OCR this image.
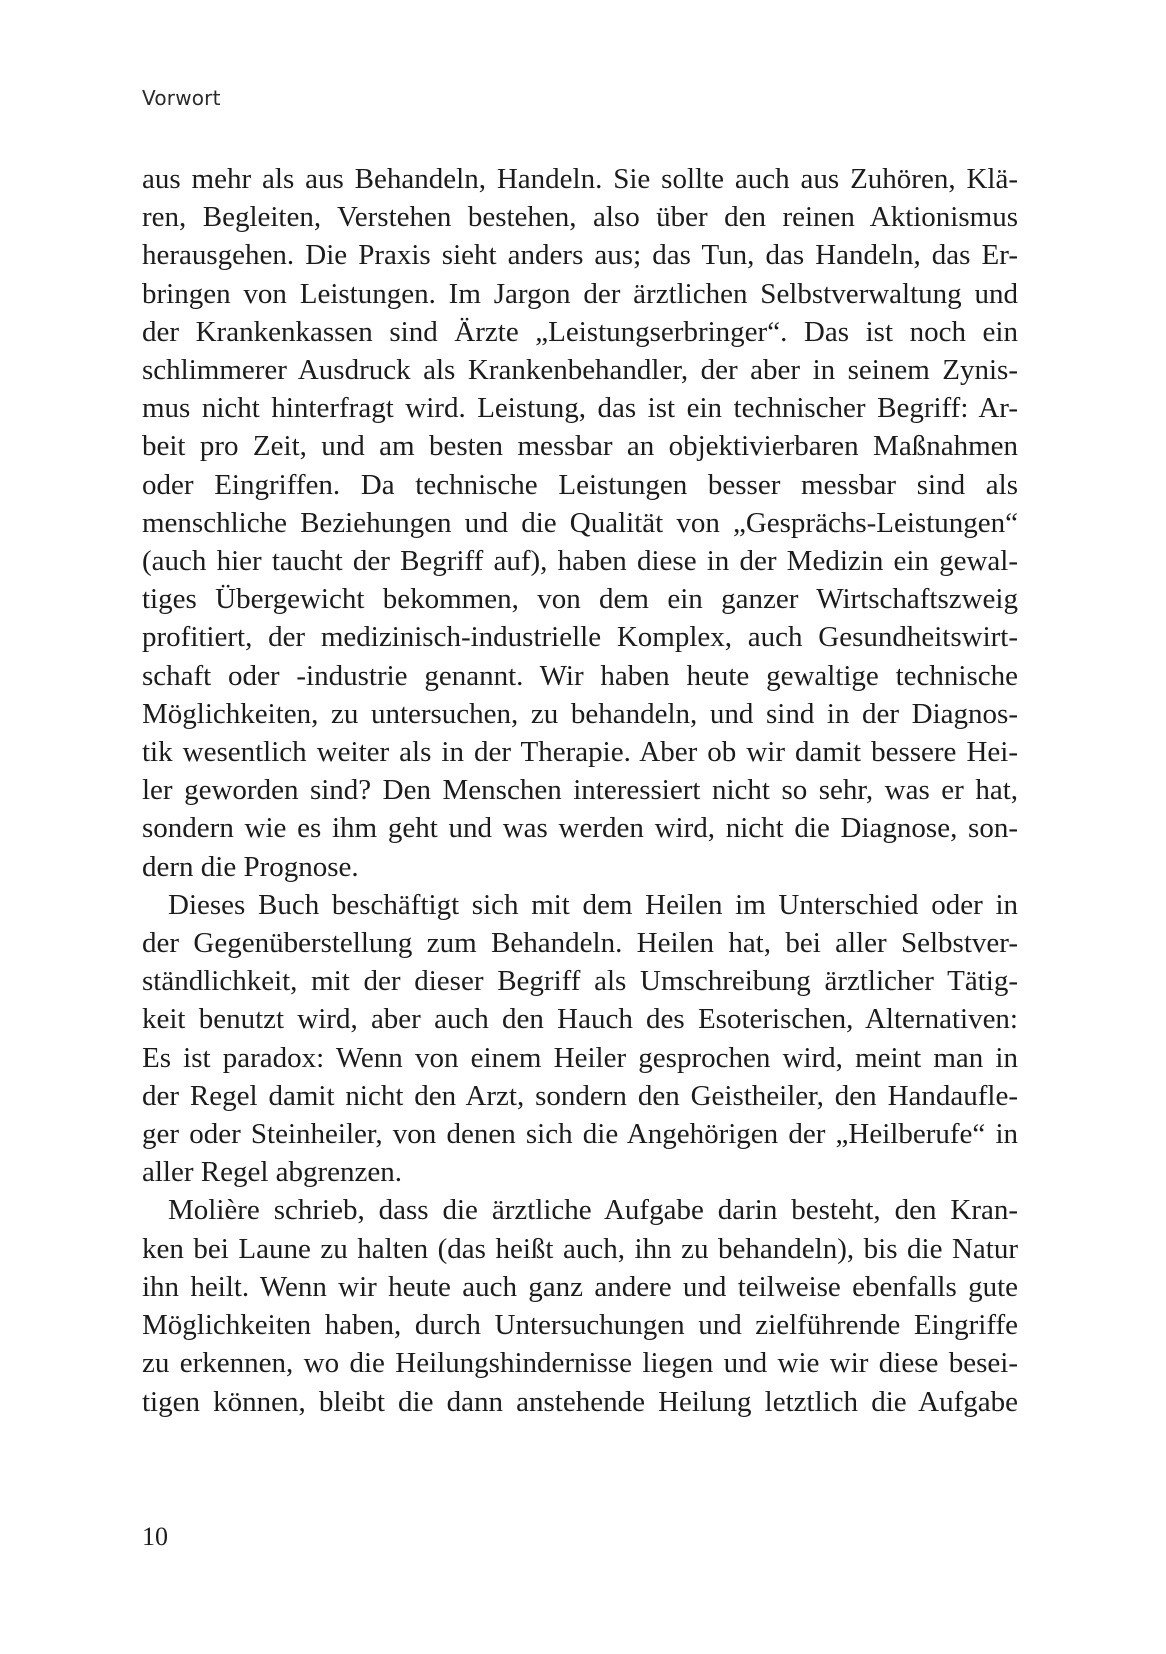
Vorwort

aus mehr als aus Behandeln, Handeln. Sie sollte auch aus Zuhören, Klä-
ren, Begleiten, Verstehen bestehen, also über den reinen Aktionismus
herausgehen. Die Praxis sieht anders aus; das Tun, das Handeln, das Er-
bringen von Leistungen. Im Jargon der ärztlichen Selbstverwaltung und
der Krankenkassen sind Ärzte „Leistungserbringer“. Das ist noch ein
schlimmerer Ausdruck als Krankenbehandler, der aber in seinem Zynis-
mus nicht hinterfragt wird. Leistung, das ist ein technischer Begriff: Ar-
beit pro Zeit, und am besten messbar an objektivierbaren Maßnahmen
oder Eingriffen. Da technische Leistungen besser messbar sind als
menschliche Beziehungen und die Qualität von „Gesprächs-Leistungen“
(auch hier taucht der Begriff auf), haben diese in der Medizin ein gewal-
tiges Übergewicht bekommen, von dem ein ganzer Wirtschaftszweig
profitiert, der medizinisch-industrielle Komplex, auch Gesundheitswirt-
schaft oder -industrie genannt. Wir haben heute gewaltige technische
Möglichkeiten, zu untersuchen, zu behandeln, und sind in der Diagnos-
tik wesentlich weiter als in der Therapie. Aber ob wir damit bessere Hei-
ler geworden sind? Den Menschen interessiert nicht so sehr, was er hat,
sondern wie es ihm geht und was werden wird, nicht die Diagnose, son-
dern die Prognose.

Dieses Buch beschäftigt sich mit dem Heilen im Unterschied oder in
der Gegenüberstellung zum Behandeln. Heilen hat, bei aller Selbstver-
ständlichkeit, mit der dieser Begriff als Umschreibung ärztlicher Tätig-
keit benutzt wird, aber auch den Hauch des Esoterischen, Alternativen:
Es ist paradox: Wenn von einem Heiler gesprochen wird, meint man in
der Regel damit nicht den Arzt, sondern den Geistheiler, den Handaufle-
ger oder Steinheiler, von denen sich die Angehörigen der „Heilberufe“ in
aller Regel abgrenzen.

Molière schrieb, dass die ärztliche Aufgabe darin besteht, den Kran-
ken bei Laune zu halten (das heißt auch, ihn zu behandeln), bis die Natur
ihn heilt. Wenn wir heute auch ganz andere und teilweise ebenfalls gute
Möglichkeiten haben, durch Untersuchungen und zielführende Eingriffe
zu erkennen, wo die Heilungshindernisse liegen und wie wir diese besei-
tigen können, bleibt die dann anstehende Heilung letztlich die Aufgabe

10
